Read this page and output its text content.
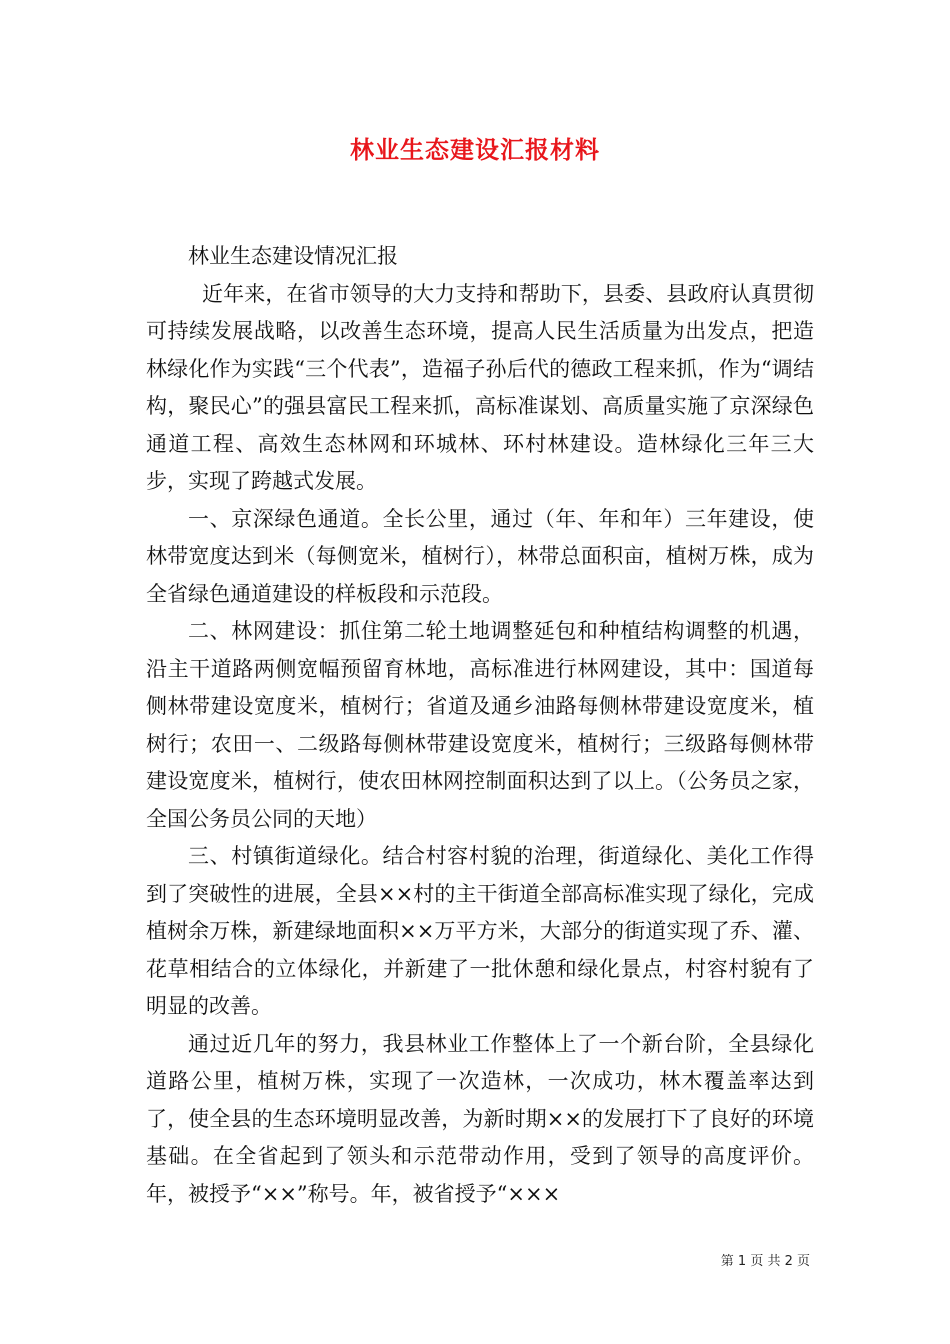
林业生态建设汇报材料

林业生态建设情况汇报

近年来，在省市领导的大力支持和帮助下，县委、县政府认真贯彻可持续发展战略，以改善生态环境，提高人民生活质量为出发点，把造林绿化作为实践“三个代表”，造福子孙后代的德政工程来抓，作为“调结构，聚民心”的强县富民工程来抓，高标准谋划、高质量实施了京深绿色通道工程、高效生态林网和环城林、环村林建设。造林绿化三年三大步，实现了跨越式发展。

一、京深绿色通道。全长公里，通过（年、年和年）三年建设，使林带宽度达到米（每侧宽米，植树行），林带总面积亩，植树万株，成为全省绿色通道建设的样板段和示范段。

二、林网建设：抓住第二轮土地调整延包和种植结构调整的机遇，沿主干道路两侧宽幅预留育林地，高标准进行林网建设，其中：国道每侧林带建设宽度米，植树行；省道及通乡油路每侧林带建设宽度米，植树行；农田一、二级路每侧林带建设宽度米，植树行；三级路每侧林带建设宽度米，植树行，使农田林网控制面积达到了以上。（公务员之家，全国公务员公同的天地）

三、村镇街道绿化。结合村容村貌的治理，街道绿化、美化工作得到了突破性的进展，全县××村的主干街道全部高标准实现了绿化，完成植树余万株，新建绿地面积××万平方米，大部分的街道实现了乔、灌、花草相结合的立体绿化，并新建了一批休憩和绿化景点，村容村貌有了明显的改善。

通过近几年的努力，我县林业工作整体上了一个新台阶，全县绿化道路公里，植树万株，实现了一次造林，一次成功，林木覆盖率达到了，使全县的生态环境明显改善，为新时期××的发展打下了良好的环境基础。在全省起到了领头和示范带动作用，受到了领导的高度评价。年，被授予“××”称号。年，被省授予“×××

第 1 页 共 2 页
